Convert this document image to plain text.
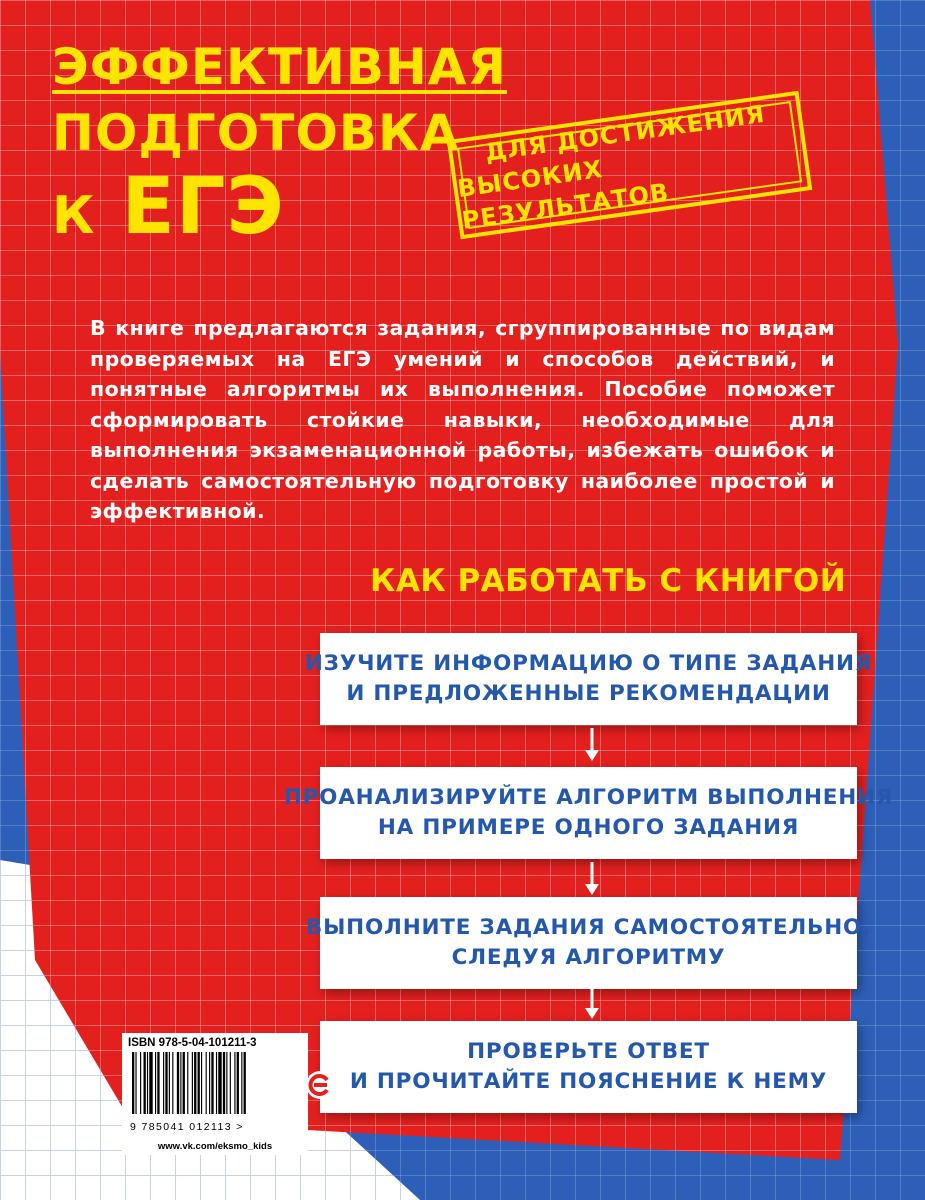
ЭФФЕКТИВНАЯ
ПОДГОТОВКА
К ЕГЭ
ДЛЯ ДОСТИЖЕНИЯ
ВЫСОКИХ РЕЗУЛЬТАТОВ
В книге предлагаются задания, сгруппированные по видам проверяемых на ЕГЭ умений и способов действий, и понятные алгоритмы их выполнения. Пособие поможет сформировать стойкие навыки, необходимые для выполнения экзаменационной работы, избежать ошибок и сделать самостоятельную подготовку наиболее простой и эффективной.
КАК РАБОТАТЬ С КНИГОЙ
ИЗУЧИТЕ ИНФОРМАЦИЮ О ТИПЕ ЗАДАНИЯ
И ПРЕДЛОЖЕННЫЕ РЕКОМЕНДАЦИИ
ПРОАНАЛИЗИРУЙТЕ АЛГОРИТМ ВЫПОЛНЕНИЯ
НА ПРИМЕРЕ ОДНОГО ЗАДАНИЯ
ВЫПОЛНИТЕ ЗАДАНИЯ САМОСТОЯТЕЛЬНО,
СЛЕДУЯ АЛГОРИТМУ
ПРОВЕРЬТЕ ОТВЕТ
И ПРОЧИТАЙТЕ ПОЯСНЕНИЕ К НЕМУ
ISBN 978-5-04-101211-3
9 785041 012113 >
www.vk.com/eksmo_kids
